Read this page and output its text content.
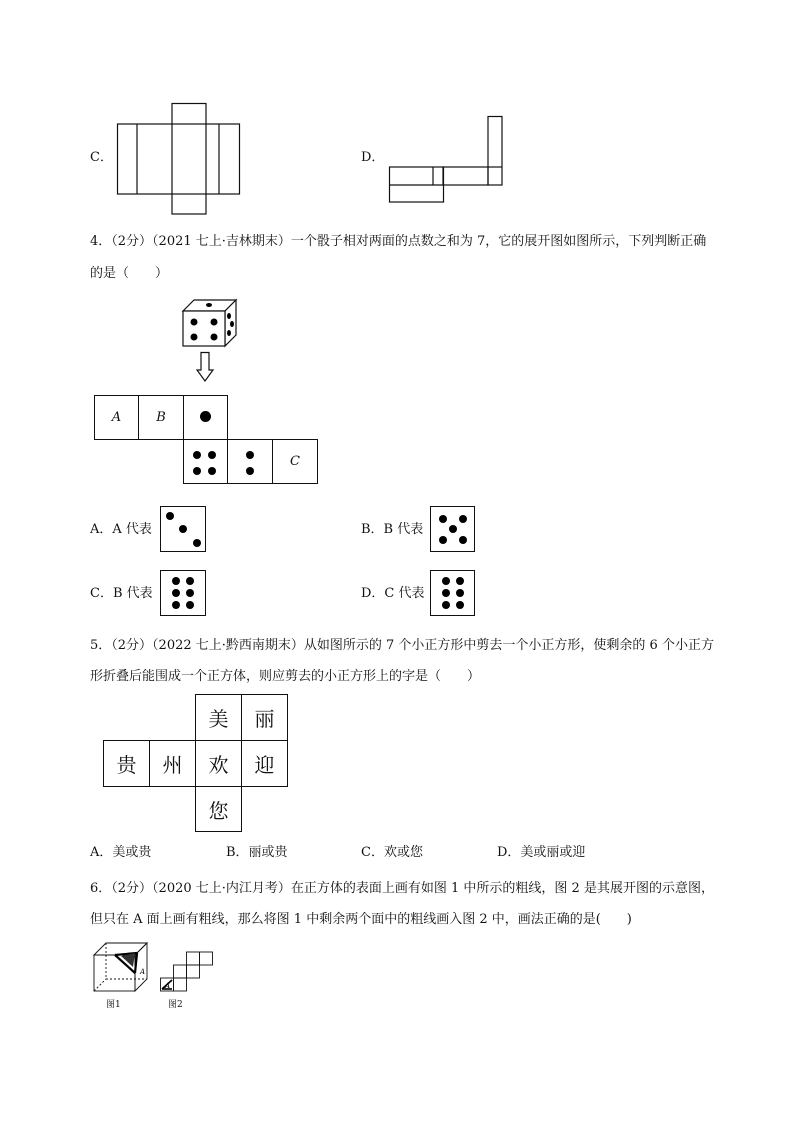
C．	D．
4．（2分）（2021 七上·吉林期末）一个骰子相对两面的点数之和为 7，它的展开图如图所示，下列判断正确
的是（　　）
A	B
C
A．A 代表	B．B 代表
C．B 代表	D．C 代表
5．（2分）（2022 七上·黔西南期末）从如图所示的 7 个小正方形中剪去一个小正方形，使剩余的 6 个小正方
形折叠后能围成一个正方体，则应剪去的小正方形上的字是（　　）
美	丽
贵	州	欢	迎
您
A．美或贵	B．丽或贵	C．欢或您	D．美或丽或迎
6．（2分）（2020 七上·内江月考）在正方体的表面上画有如图 1 中所示的粗线，图 2 是其展开图的示意图，
但只在 A 面上画有粗线，那么将图 1 中剩余两个面中的粗线画入图 2 中，画法正确的是(　　)
A
图1
A
图2
